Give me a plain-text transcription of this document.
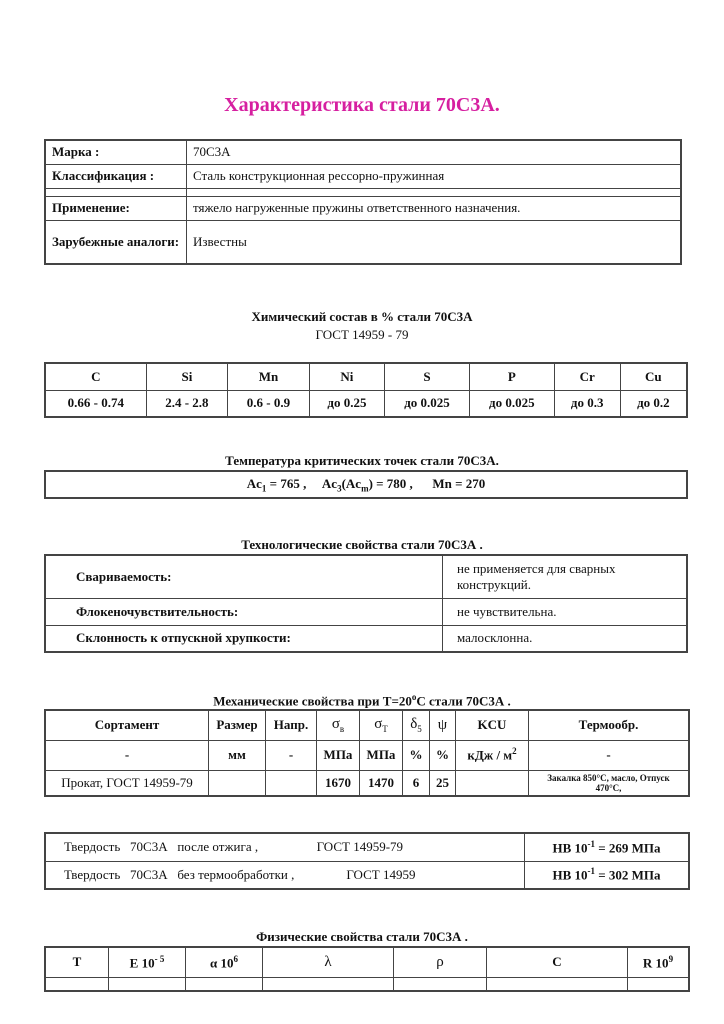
Характеристика стали 70С3А.
Марка :	70С3А
Классификация :	Сталь конструкционная рессорно-пружинная

Применение:	тяжело нагруженные пружины ответственного назначения.
Зарубежные аналоги:	Известны
Химический состав в % стали 70С3А
ГОСТ 14959 - 79
C	Si	Mn	Ni	S	P	Cr	Cu
0.66 - 0.74	2.4 - 2.8	0.6 - 0.9	до 0.25	до 0.025	до 0.025	до 0.3	до 0.2
Температура критических точек стали 70С3А.
$Ac_1 = 765$ , $Ac_3(Ac_m) = 780$ , Mn = 270
Технологические свойства стали 70С3А .
Свариваемость:	не применяется для сварных конструкций.
Флокеночувствительность:	не чувствительна.
Склонность к отпускной хрупкости:	малосклонна.
Механические свойства при $Т=20^oС$ стали 70С3А .
Сортамент	Размер	Напр.	$\sigma_в$	$\sigma_T$	$\delta_5$	ψ	KCU	Термообр.
-	мм	-	МПа	МПа	%	%	кДж / $м^2$	-
Прокат, ГОСТ 14959-79			1670	1470	6	25		Закалка 850°C, масло, Отпуск 470°C,
Твердость   70С3А   после отжига ,                  ГОСТ 14959-79	HB $10^{-1} = 269$ МПа
Твердость   70С3А   без термообработки ,                ГОСТ 14959	HB $10^{-1} = 302$ МПа
Физические свойства стали 70С3А .
T	E $10^{- 5}$	α $10^6$	λ	ρ	C	R $10^9$
